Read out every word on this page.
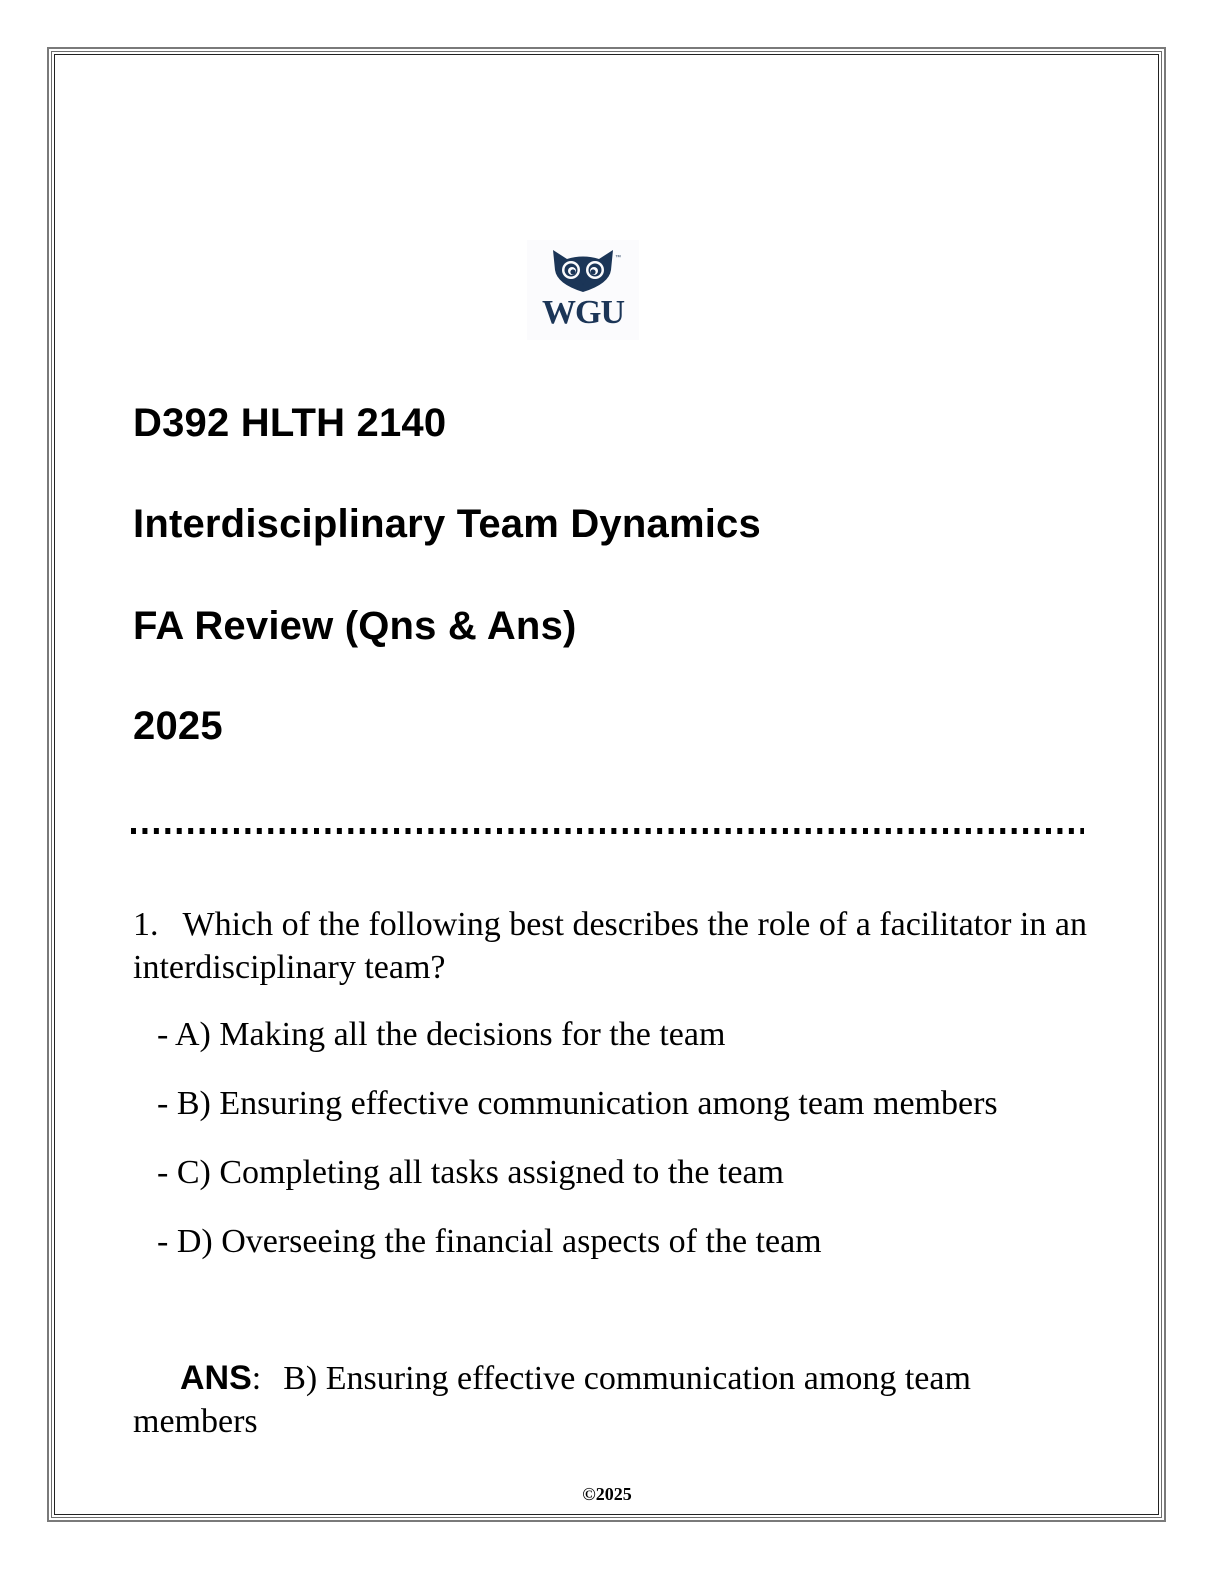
™
WGU
D392 HLTH 2140
Interdisciplinary Team Dynamics
FA Review (Qns & Ans)
2025
1. Which of the following best describes the role of a facilitator in an interdisciplinary team?
- A) Making all the decisions for the team
- B) Ensuring effective communication among team members
- C) Completing all tasks assigned to the team
- D) Overseeing the financial aspects of the team
ANS: B) Ensuring effective communication among team members
©2025
